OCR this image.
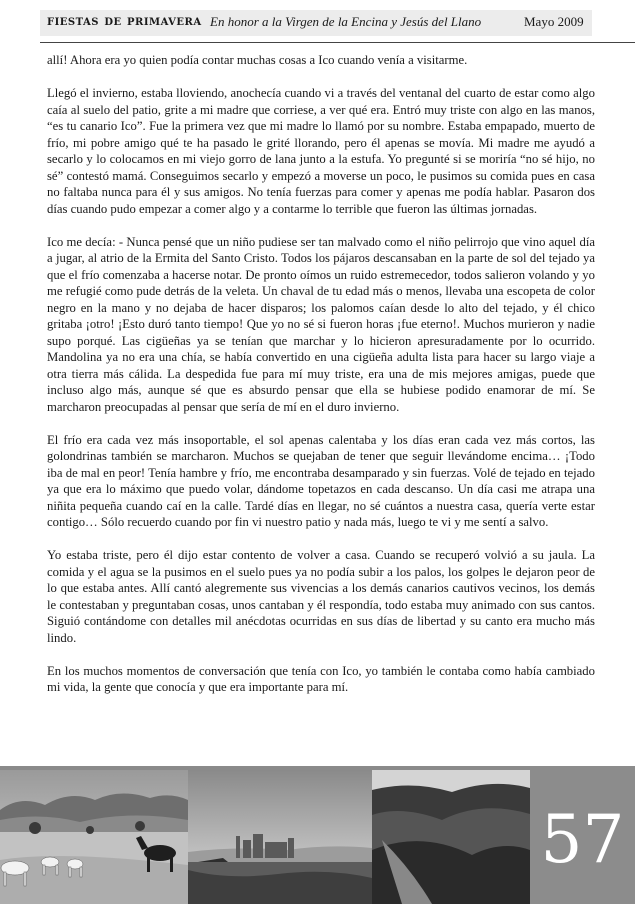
fiestas de primavera En honor a la Virgen de la Encina y Jesús del Llano	Mayo 2009

allí! Ahora era yo quien podía contar muchas cosas a Ico cuando venía a visitarme.

Llegó el invierno, estaba lloviendo, anochecía cuando vi a través del ventanal del cuarto de estar como algo caía al suelo del patio, grite a mi madre que corriese, a ver qué era. Entró muy triste con algo en las manos, “es tu canario Ico”. Fue la primera vez que mi madre lo llamó por su nombre. Estaba empapado, muerto de frío, mi pobre amigo qué te ha pasado le grité llorando, pero él apenas se movía. Mi madre me ayudó a secarlo y lo colocamos en mi viejo gorro de lana junto a la estufa. Yo pregunté si se moriría “no sé hijo, no sé” contestó mamá. Conseguimos secarlo y empezó a moverse un poco, le pusimos su comida pues en casa no faltaba nunca para él y sus amigos. No tenía fuerzas para comer y apenas me podía hablar. Pasaron dos días cuando pudo empezar a comer algo y a contarme lo terrible que fueron las últimas jornadas.

Ico me decía: - Nunca pensé que un niño pudiese ser tan malvado como el niño pelirrojo que vino aquel día a jugar, al atrio de la Ermita del Santo Cristo. Todos los pájaros descansaban en la parte de sol del tejado ya que el frío comenzaba a hacerse notar. De pronto oímos un ruido estremecedor, todos salieron volando y yo me refugié como pude detrás de la veleta. Un chaval de tu edad más o menos, llevaba una escopeta de color negro en la mano y no dejaba de hacer disparos; los palomos caían desde lo alto del tejado, y él chico gritaba ¡otro! ¡Esto duró tanto tiempo! Que yo no sé si fueron horas ¡fue eterno!. Muchos murieron y nadie supo porqué. Las cigüeñas ya se tenían que marchar y lo hicieron apresuradamente por lo ocurrido. Mandolina ya no era una chía, se había convertido en una cigüeña adulta lista para hacer su largo viaje a otra tierra más cálida. La despedida fue para mí muy triste, era una de mis mejores amigas, puede que incluso algo más, aunque sé que es absurdo pensar que ella se hubiese podido enamorar de mí. Se marcharon preocupadas al pensar que sería de mí en el duro invierno.

El frío era cada vez más insoportable, el sol apenas calentaba y los días eran cada vez más cortos, las golondrinas también se marcharon. Muchos se quejaban de tener que seguir llevándome encima… ¡Todo iba de mal en peor! Tenía hambre y frío, me encontraba desamparado y sin fuerzas. Volé de tejado en tejado ya que era lo máximo que puedo volar, dándome topetazos en cada descanso. Un día casi me atrapa una niñita pequeña cuando caí en la calle. Tardé días en llegar, no sé cuántos a nuestra casa, quería verte estar contigo… Sólo recuerdo cuando por fin vi nuestro patio y nada más, luego te vi y me sentí a salvo.

Yo estaba triste, pero él dijo estar contento de volver a casa. Cuando se recuperó volvió a su jaula. La comida y el agua se la pusimos en el suelo pues ya no podía subir a los palos, los golpes le dejaron peor de lo que estaba antes. Allí cantó alegremente sus vivencias a los demás canarios cautivos vecinos, los demás le contestaban y preguntaban cosas, unos cantaban y él respondía, todo estaba muy animado con sus cantos. Siguió contándome con detalles mil anécdotas ocurridas en sus días de libertad y su canto era mucho más lindo.

En los muchos momentos de conversación que tenía con Ico, yo también le contaba como había cambiado mi vida, la gente que conocía y que era importante para mí.

57
